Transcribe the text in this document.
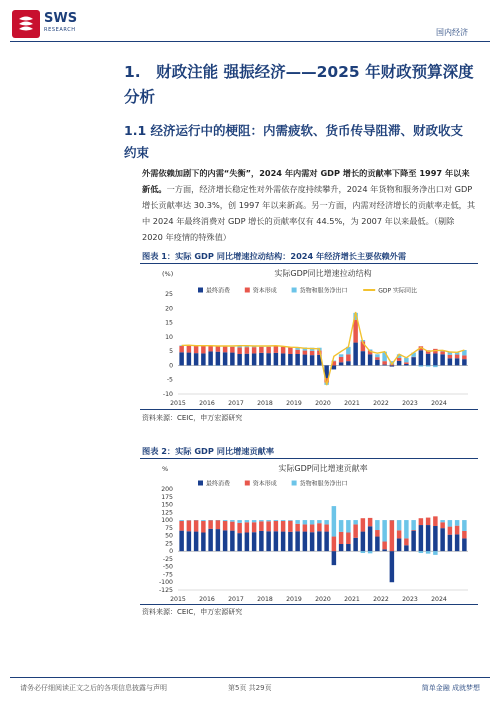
SWS
RESEARCH	国内经济
1.　财政注能 强振经济——2025 年财政预算深度分析
1.1 经济运行中的梗阻：内需疲软、货币传导阻滞、财政收支约束
外需依赖加剧下的内需“失衡”，2024 年内需对 GDP 增长的贡献率下降至 1997 年以来新低。一方面，经济增长稳定性对外需依存度持续攀升，2024 年货物和服务净出口对 GDP 增长贡献率达 30.3%，创 1997 年以来新高。另一方面，内需对经济增长的贡献率走低，其中 2024 年最终消费对 GDP 增长的贡献率仅有 44.5%，为 2007 年以来最低。（剔除 2020 年疫情的特殊值）
图表 1：实际 GDP 同比增速拉动结构：2024 年经济增长主要依赖外需
实际GDP同比增速拉动结构
(%)
最终消费	资本形成	货物和服务净出口	GDP 实际同比
-10
-5
0
5
10
15
20
25
2015 2016 2017 2018 2019 2020 2021 2022 2023 2024
资料来源：CEIC，申万宏源研究
图表 2：实际 GDP 同比增速贡献率
实际GDP同比增速贡献率
%
最终消费	资本形成	货物和服务净出口
-125
-100
-75
-50
-25
0
25
50
75
100
125
150
175
200
2015 2016 2017 2018 2019 2020 2021 2022 2023 2024
资料来源：CEIC，申万宏源研究
请务必仔细阅读正文之后的各项信息披露与声明	第5页 共29页	简单金融 成就梦想
